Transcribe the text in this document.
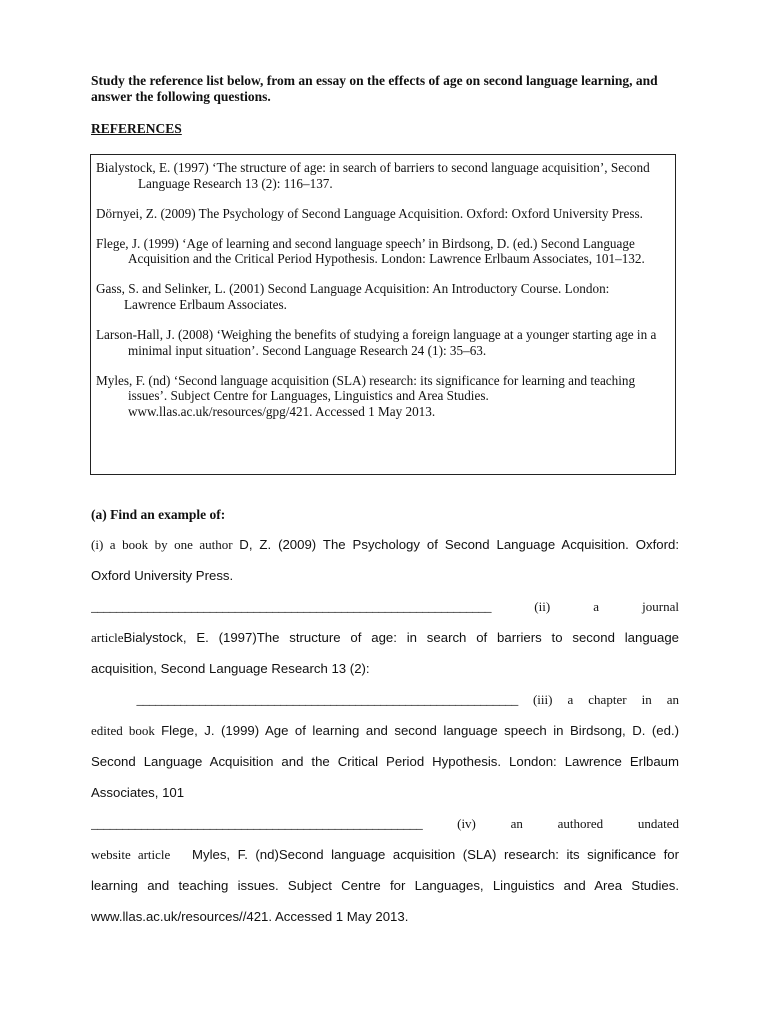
Study the reference list below, from an essay on the effects of age on second language learning, and answer the following questions.

REFERENCES

Bialystock, E. (1997) ‘The structure of age: in search of barriers to second language acquisition’, Second
Language Research 13 (2): 116–137.
Dörnyei, Z. (2009) The Psychology of Second Language Acquisition. Oxford: Oxford University Press.
Flege, J. (1999) ‘Age of learning and second language speech’ in Birdsong, D. (ed.) Second Language
Acquisition and the Critical Period Hypothesis. London: Lawrence Erlbaum Associates, 101–132.
Gass, S. and Selinker, L. (2001) Second Language Acquisition: An Introductory Course. London:
Lawrence Erlbaum Associates.
Larson-Hall, J. (2008) ‘Weighing the benefits of studying a foreign language at a younger starting age in a
minimal input situation’. Second Language Research 24 (1): 35–63.
Myles, F. (nd) ‘Second language acquisition (SLA) research: its significance for learning and teaching
issues’. Subject Centre for Languages, Linguistics and Area Studies.
www.llas.ac.uk/resources/gpg/421. Accessed 1 May 2013.

(a) Find an example of:

(i) a book by one author D, Z. (2009) The Psychology of Second Language Acquisition. Oxford:
Oxford University Press.
________________________________________________________________	(ii) a journal
articleBialystock, E. (1997)The structure of age: in search of barriers to second language
acquisition, Second Language Research 13 (2):
_____________________________________________________________ (iii) a chapter in an
edited book Flege, J. (1999) Age of learning and second language speech in Birdsong, D. (ed.)
Second Language Acquisition and the Critical Period Hypothesis. London: Lawrence Erlbaum
Associates, 101
_____________________________________________________	(iv) an authored undated
website article Myles, F. (nd)Second language acquisition (SLA) research: its significance for
learning and teaching issues. Subject Centre for Languages, Linguistics and Area Studies.
www.llas.ac.uk/resources//421. Accessed 1 May 2013.
